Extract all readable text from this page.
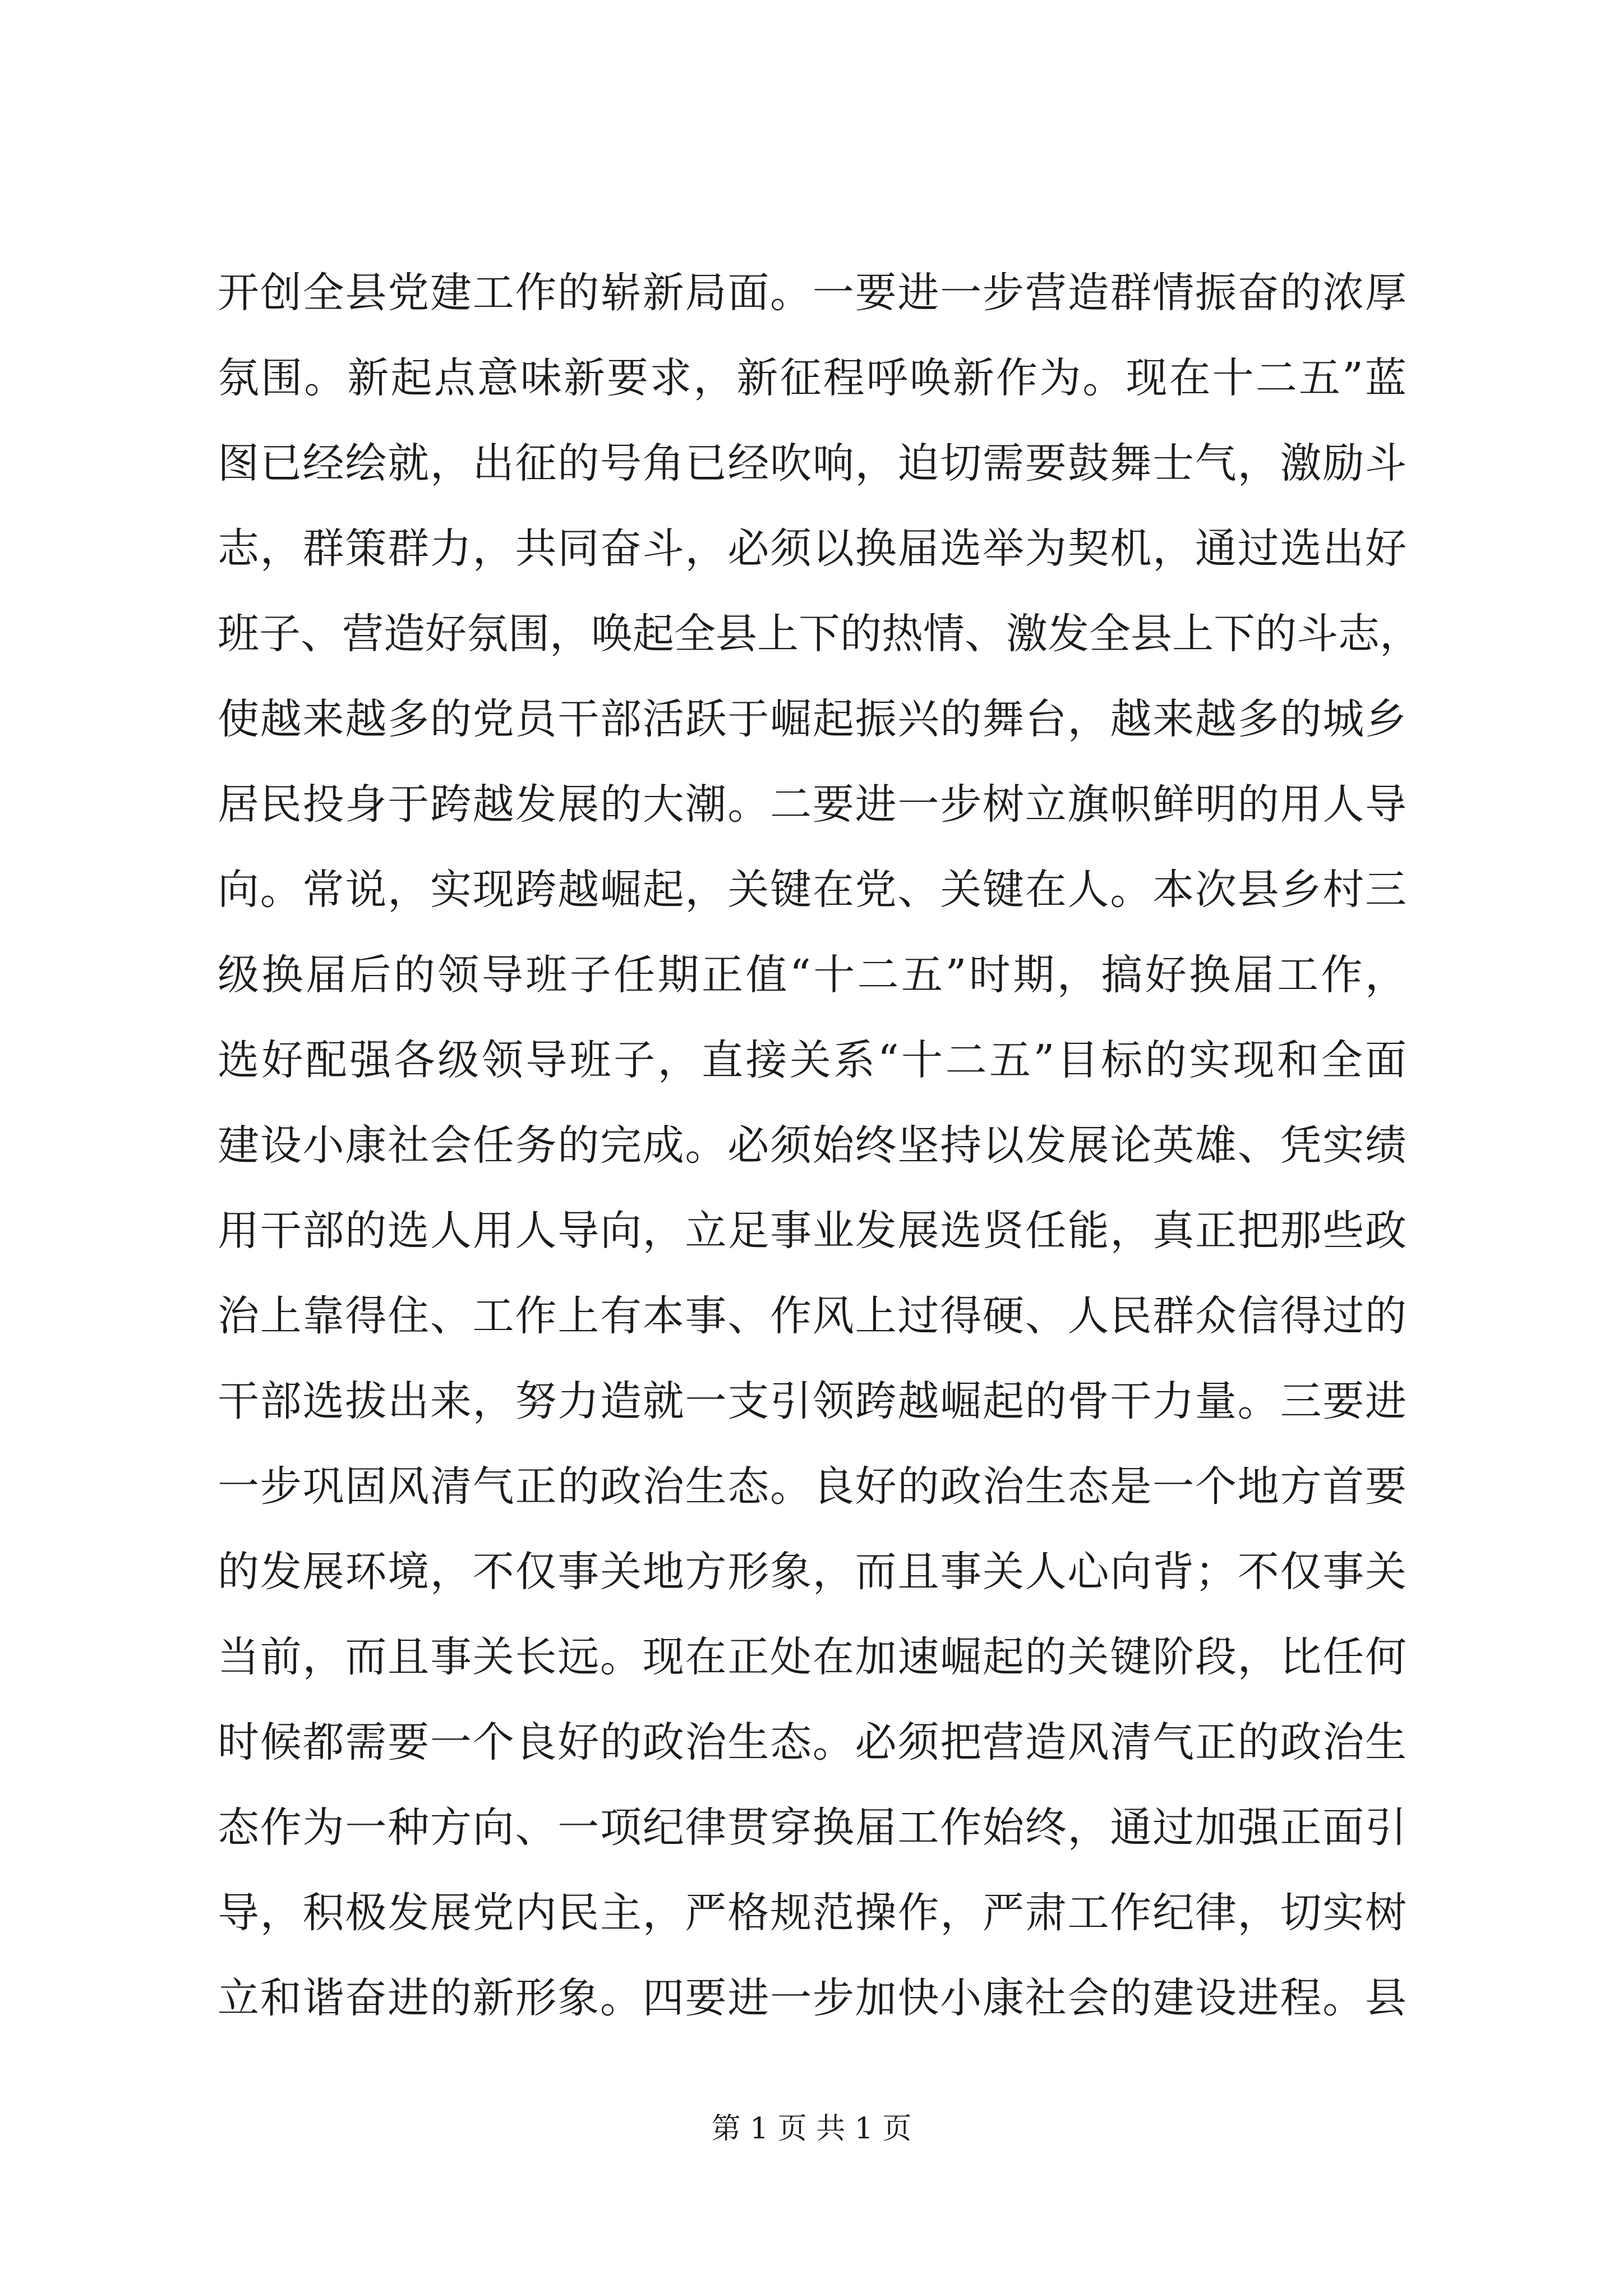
开创全县党建工作的崭新局面。一要进一步营造群情振奋的浓厚
氛围。新起点意味新要求，新征程呼唤新作为。现在十二五”蓝
图已经绘就，出征的号角已经吹响，迫切需要鼓舞士气，激励斗
志，群策群力，共同奋斗，必须以换届选举为契机，通过选出好
班子、营造好氛围，唤起全县上下的热情、激发全县上下的斗志，
使越来越多的党员干部活跃于崛起振兴的舞台，越来越多的城乡
居民投身于跨越发展的大潮。二要进一步树立旗帜鲜明的用人导
向。常说，实现跨越崛起，关键在党、关键在人。本次县乡村三
级换届后的领导班子任期正值“十二五”时期，搞好换届工作，
选好配强各级领导班子，直接关系“十二五”目标的实现和全面
建设小康社会任务的完成。必须始终坚持以发展论英雄、凭实绩
用干部的选人用人导向，立足事业发展选贤任能，真正把那些政
治上靠得住、工作上有本事、作风上过得硬、人民群众信得过的
干部选拔出来，努力造就一支引领跨越崛起的骨干力量。三要进
一步巩固风清气正的政治生态。良好的政治生态是一个地方首要
的发展环境，不仅事关地方形象，而且事关人心向背；不仅事关
当前，而且事关长远。现在正处在加速崛起的关键阶段，比任何
时候都需要一个良好的政治生态。必须把营造风清气正的政治生
态作为一种方向、一项纪律贯穿换届工作始终，通过加强正面引
导，积极发展党内民主，严格规范操作，严肃工作纪律，切实树
立和谐奋进的新形象。四要进一步加快小康社会的建设进程。县
第 1 页 共 1 页
